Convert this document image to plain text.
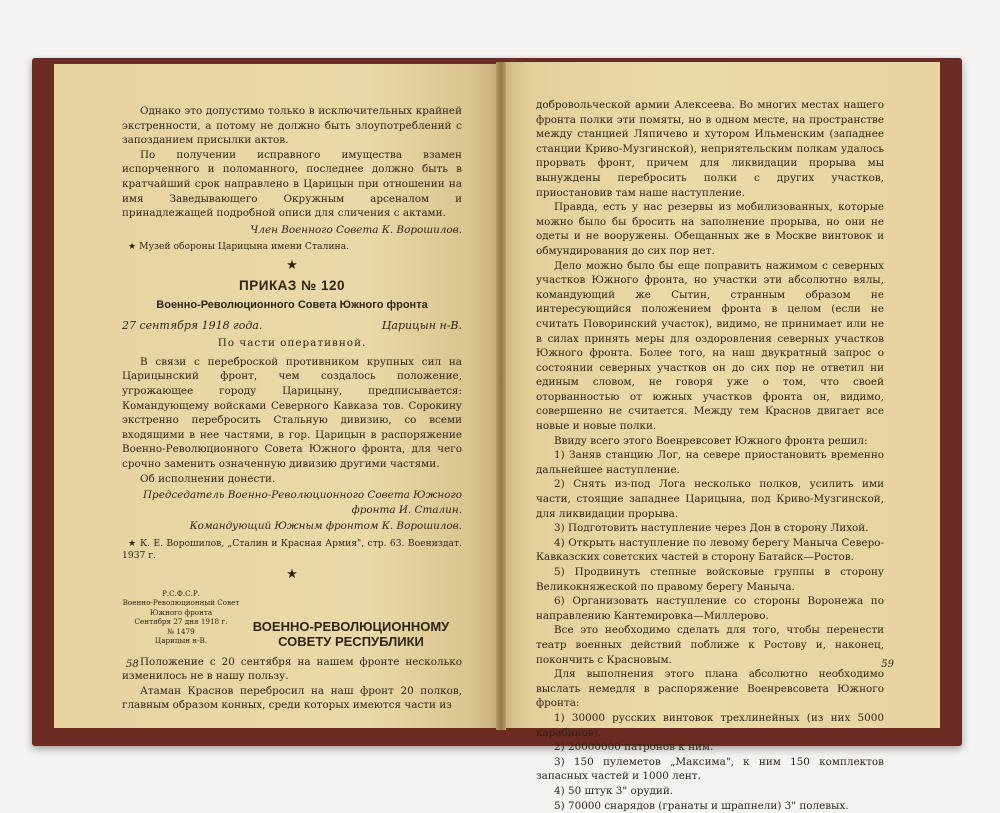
Однако это допустимо только в исключительных крайней экстренности, а потому не должно быть злоупотреблений с запозданием присылки актов.

По получении исправного имущества взамен испорченного и поломанного, последнее должно быть в кратчайший срок направлено в Царицын при отношении на имя Заведывающего Окружным арсеналом и принадлежащей подробной описи для сличения с актами.

Член Военного Совета К. Ворошилов.

★ Музей обороны Царицына имени Сталина.

★
ПРИКАЗ № 120
Военно-Революционного Совета Южного фронта
27 сентября 1918 года.	Царицын н-В.
По части оперативной.

В связи с переброской противником крупных сил на Царицынский фронт, чем создалось положение, угрожающее городу Царицыну, предписывается: Командующему войсками Северного Кавказа тов. Сорокину экстренно перебросить Стальную дивизию, со всеми входящими в нее частями, в гор. Царицын в распоряжение Военно-Революционного Совета Южного фронта, для чего срочно заменить означенную дивизию другими частями.

Об исполнении донести.

Председатель Военно-Революционного Совета Южного фронта И. Сталин.

Командующий Южным фронтом К. Ворошилов.

★ К. Е. Ворошилов, „Сталин и Красная Армия", стр. 63. Воениздат. 1937 г.

★
Р.С.Ф.С.Р.
Военно-Революционный Совет
Южного фронта
Сентября 27 дня 1918 г.
№ 1479
Царицын н-В.
ВОЕННО-РЕВОЛЮЦИОННОМУ СОВЕТУ РЕСПУБЛИКИ

Положение с 20 сентября на нашем фронте несколько изменилось не в нашу пользу.

Атаман Краснов перебросил на наш фронт 20 полков, главным образом конных, среди которых имеются части из

58

добровольческой армии Алексеева. Во многих местах нашего фронта полки эти помяты, но в одном месте, на пространстве между станцией Ляпичево и хутором Ильменским (западнее станции Криво-Музгинской), неприятельским полкам удалось прорвать фронт, причем для ликвидации прорыва мы вынуждены перебросить полки с других участков, приостановив там наше наступление.

Правда, есть у нас резервы из мобилизованных, которые можно было бы бросить на заполнение прорыва, но они не одеты и не вооружены. Обещанных же в Москве винтовок и обмундирования до сих пор нет.

Дело можно было бы еще поправить нажимом с северных участков Южного фронта, но участки эти абсолютно вялы, командующий же Сытин, странным образом не интересующийся положением фронта в целом (если не считать Поворинский участок), видимо, не принимает или не в силах принять меры для оздоровления северных участков Южного фронта. Более того, на наш двукратный запрос о состоянии северных участков он до сих пор не ответил ни единым словом, не говоря уже о том, что своей оторванностью от южных участков фронта он, видимо, совершенно не считается. Между тем Краснов двигает все новые и новые полки.

Ввиду всего этого Военревсовет Южного фронта решил:

1) Заняв станцию Лог, на севере приостановить временно дальнейшее наступление.

2) Снять из-под Лога несколько полков, усилить ими части, стоящие западнее Царицына, под Криво-Музгинской, для ликвидации прорыва.

3) Подготовить наступление через Дон в сторону Лихой.

4) Открыть наступление по левому берегу Маныча Северо-Кавказских советских частей в сторону Батайск—Ростов.

5) Продвинуть степные войсковые группы в сторону Великокняжеской по правому берегу Маныча.

6) Организовать наступление со стороны Воронежа по направлению Кантемировка—Миллерово.

Все это необходимо сделать для того, чтобы перенести театр военных действий поближе к Ростову и, наконец, покончить с Красновым.

Для выполнения этого плана абсолютно необходимо выслать немедля в распоряжение Военревсовета Южного фронта:

1) 30000 русских винтовок трехлинейных (из них 5000 карабинов).

2) 20000000 патронов к ним.

3) 150 пулеметов „Максима", к ним 150 комплектов запасных частей и 1000 лент.

4) 50 штук 3" орудий.

5) 70000 снарядов (гранаты и шрапнели) 3" полевых.

59
